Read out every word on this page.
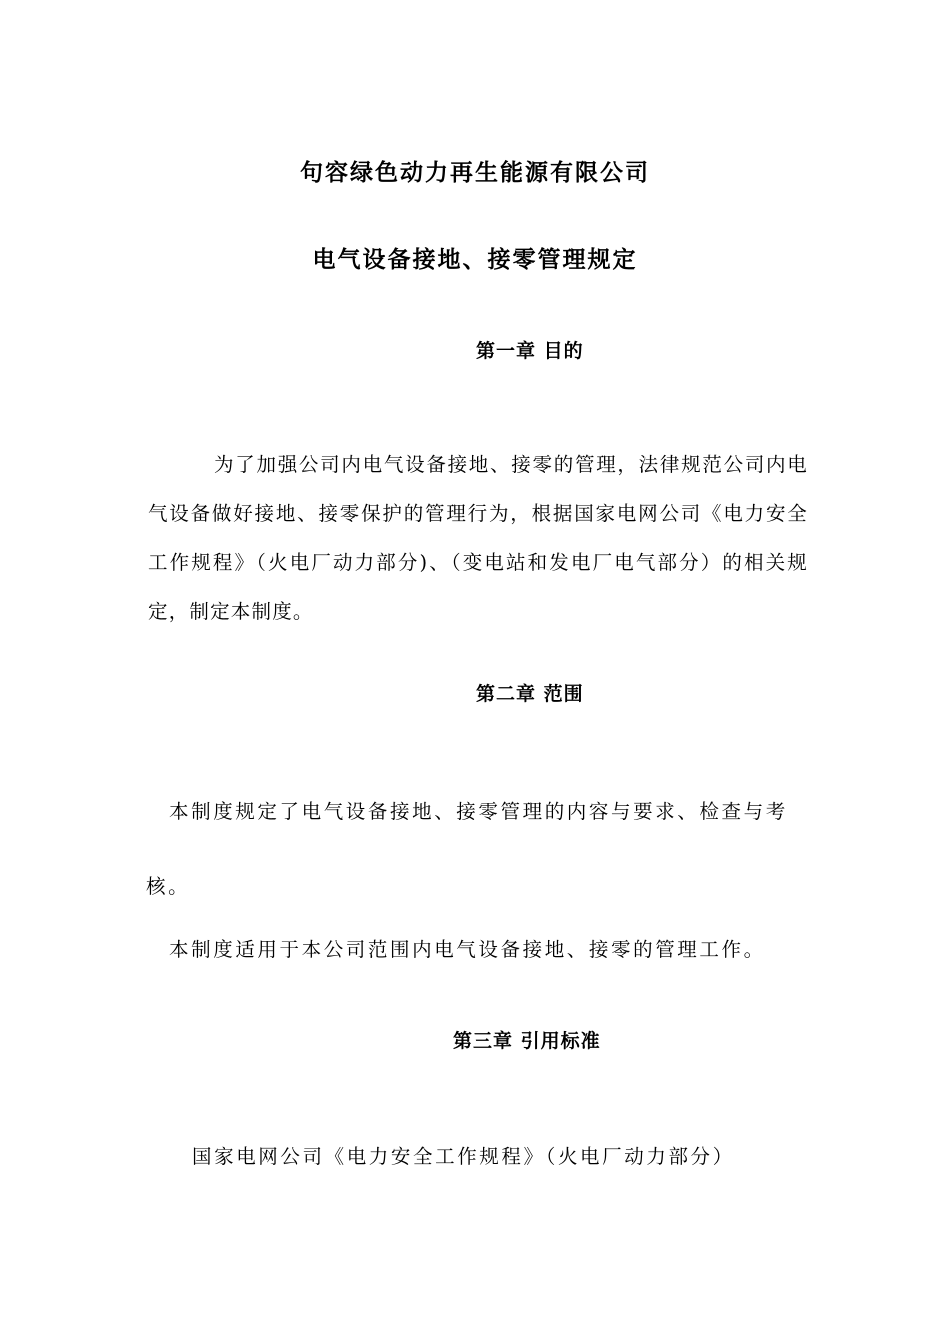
句容绿色动力再生能源有限公司
电气设备接地、接零管理规定
第一章 目的
为了加强公司内电气设备接地、接零的管理，法律规范公司内电气设备做好接地、接零保护的管理行为，根据国家电网公司《电力安全工作规程》（火电厂动力部分)、（变电站和发电厂电气部分）的相关规定，制定本制度。
第二章 范围
本制度规定了电气设备接地、接零管理的内容与要求、检查与考
核。
本制度适用于本公司范围内电气设备接地、接零的管理工作。
第三章 引用标准
国家电网公司《电力安全工作规程》（火电厂动力部分）
